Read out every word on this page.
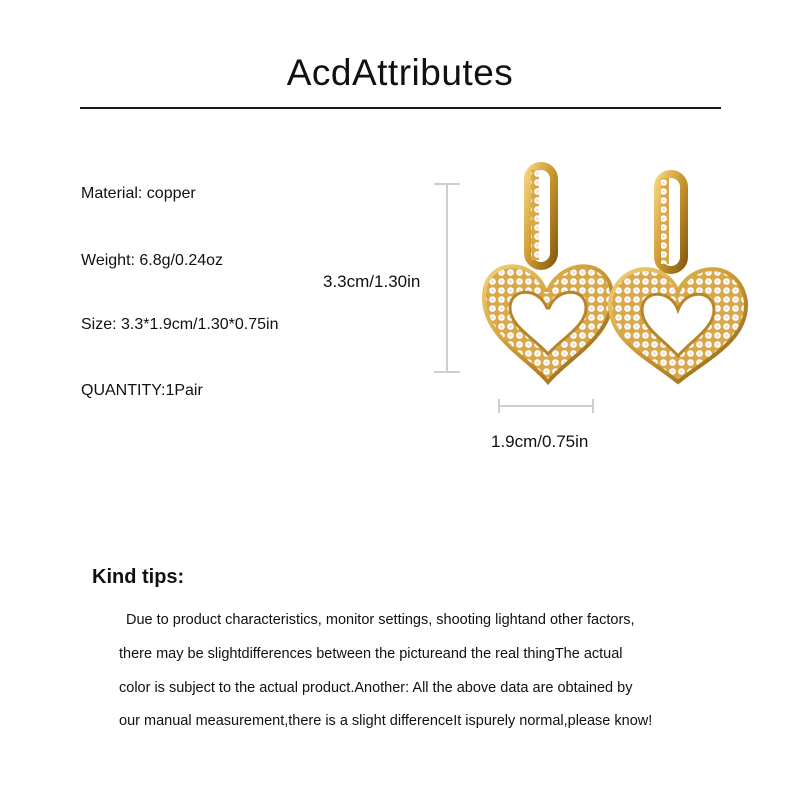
AcdAttributes
Material: copper
Weight: 6.8g/0.24oz
Size: 3.3*1.9cm/1.30*0.75in
QUANTITY:1Pair
3.3cm/1.30in
1.9cm/0.75in
Kind tips:
Due to product characteristics, monitor settings, shooting lightand other factors,
there may be slightdifferences between the pictureand the real thingThe actual
color is subject to the actual product.Another: All the above data are obtained by
our manual measurement,there is a slight differenceIt ispurely normal,please know!
